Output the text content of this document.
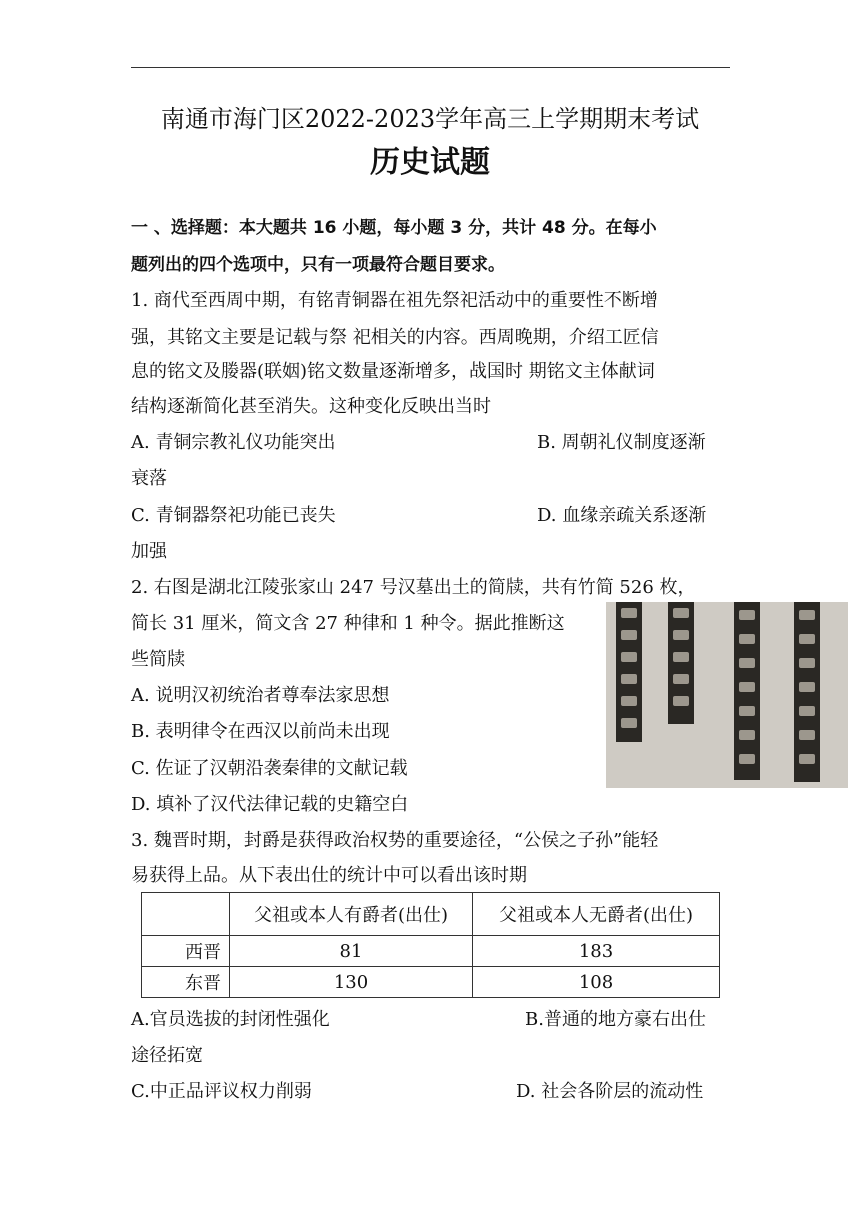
南通市海门区2022-2023学年高三上学期期末考试
历史试题
一 、选择题：本大题共 16 小题，每小题 3 分，共计 48 分。在每小
题列出的四个选项中，只有一项最符合题目要求。
1. 商代至西周中期，有铭青铜器在祖先祭祀活动中的重要性不断增
强，其铭文主要是记载与祭 祀相关的内容。西周晚期，介绍工匠信
息的铭文及媵器(联姻)铭文数量逐渐增多，战国时 期铭文主体献词
结构逐渐简化甚至消失。这种变化反映出当时
A. 青铜宗教礼仪功能突出	B. 周朝礼仪制度逐渐
衰落
C. 青铜器祭祀功能已丧失	D. 血缘亲疏关系逐渐
加强
2. 右图是湖北江陵张家山 247 号汉墓出土的简牍，共有竹简 526 枚，
简长 31 厘米，简文含 27 种律和 1 种令。据此推断这
些简牍
A. 说明汉初统治者尊奉法家思想
B. 表明律令在西汉以前尚未出现
C. 佐证了汉朝沿袭秦律的文献记载
D. 填补了汉代法律记载的史籍空白
3. 魏晋时期，封爵是获得政治权势的重要途径，“公侯之子孙”能轻
易获得上品。从下表出仕的统计中可以看出该时期
	父祖或本人有爵者(出仕)	父祖或本人无爵者(出仕)
西晋	81	183
东晋	130	108
A.官员选拔的封闭性强化	B.普通的地方豪右出仕
途径拓宽
C.中正品评议权力削弱	D. 社会各阶层的流动性
